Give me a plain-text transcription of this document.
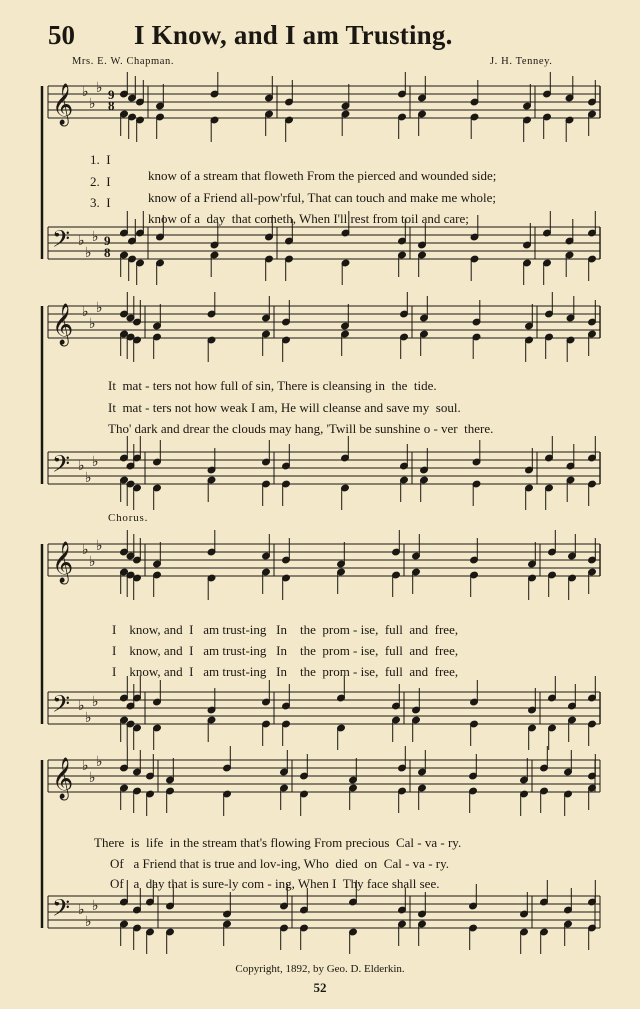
50 I Know, and I am Trusting.
Mrs. E. W. Chapman.	J. H. Tenney.
𝄞
𝄢
♭
♭
♭
♭
♭
♭
𝄞
𝄢
♭
♭
♭
♭
♭
♭
𝄞
𝄢
♭
♭
♭
♭
♭
♭
𝄞
𝄢
♭
♭
♭
♭
♭
♭
9
8
9
8

1.  I

know of a stream that floweth From the pierced and wounded side;

2.  I

know of a Friend all-pow'rful, That can touch and make me whole;

3.  I

know of a  day  that cometh, When I'll rest from toil and care;

It  mat - ters not how full of sin, There is cleansing in  the  tide.

It  mat - ters not how weak I am, He will cleanse and save my  soul.

Tho' dark and drear the clouds may hang, 'Twill be sunshine o - ver  there.

Chorus.

I    know, and  I   am trust-ing   In    the  prom - ise,  full  and  free,

I    know, and  I   am trust-ing   In    the  prom - ise,  full  and  free,

I    know, and  I   am trust-ing   In    the  prom - ise,  full  and  free,

There  is  life  in the stream that's flowing From precious  Cal - va - ry.

Of   a Friend that is true and lov-ing, Who  died  on  Cal - va - ry.

Of   a  day that is sure-ly com - ing, When I  Thy face shall see.

Copyright, 1892, by Geo. D. Elderkin.
52
